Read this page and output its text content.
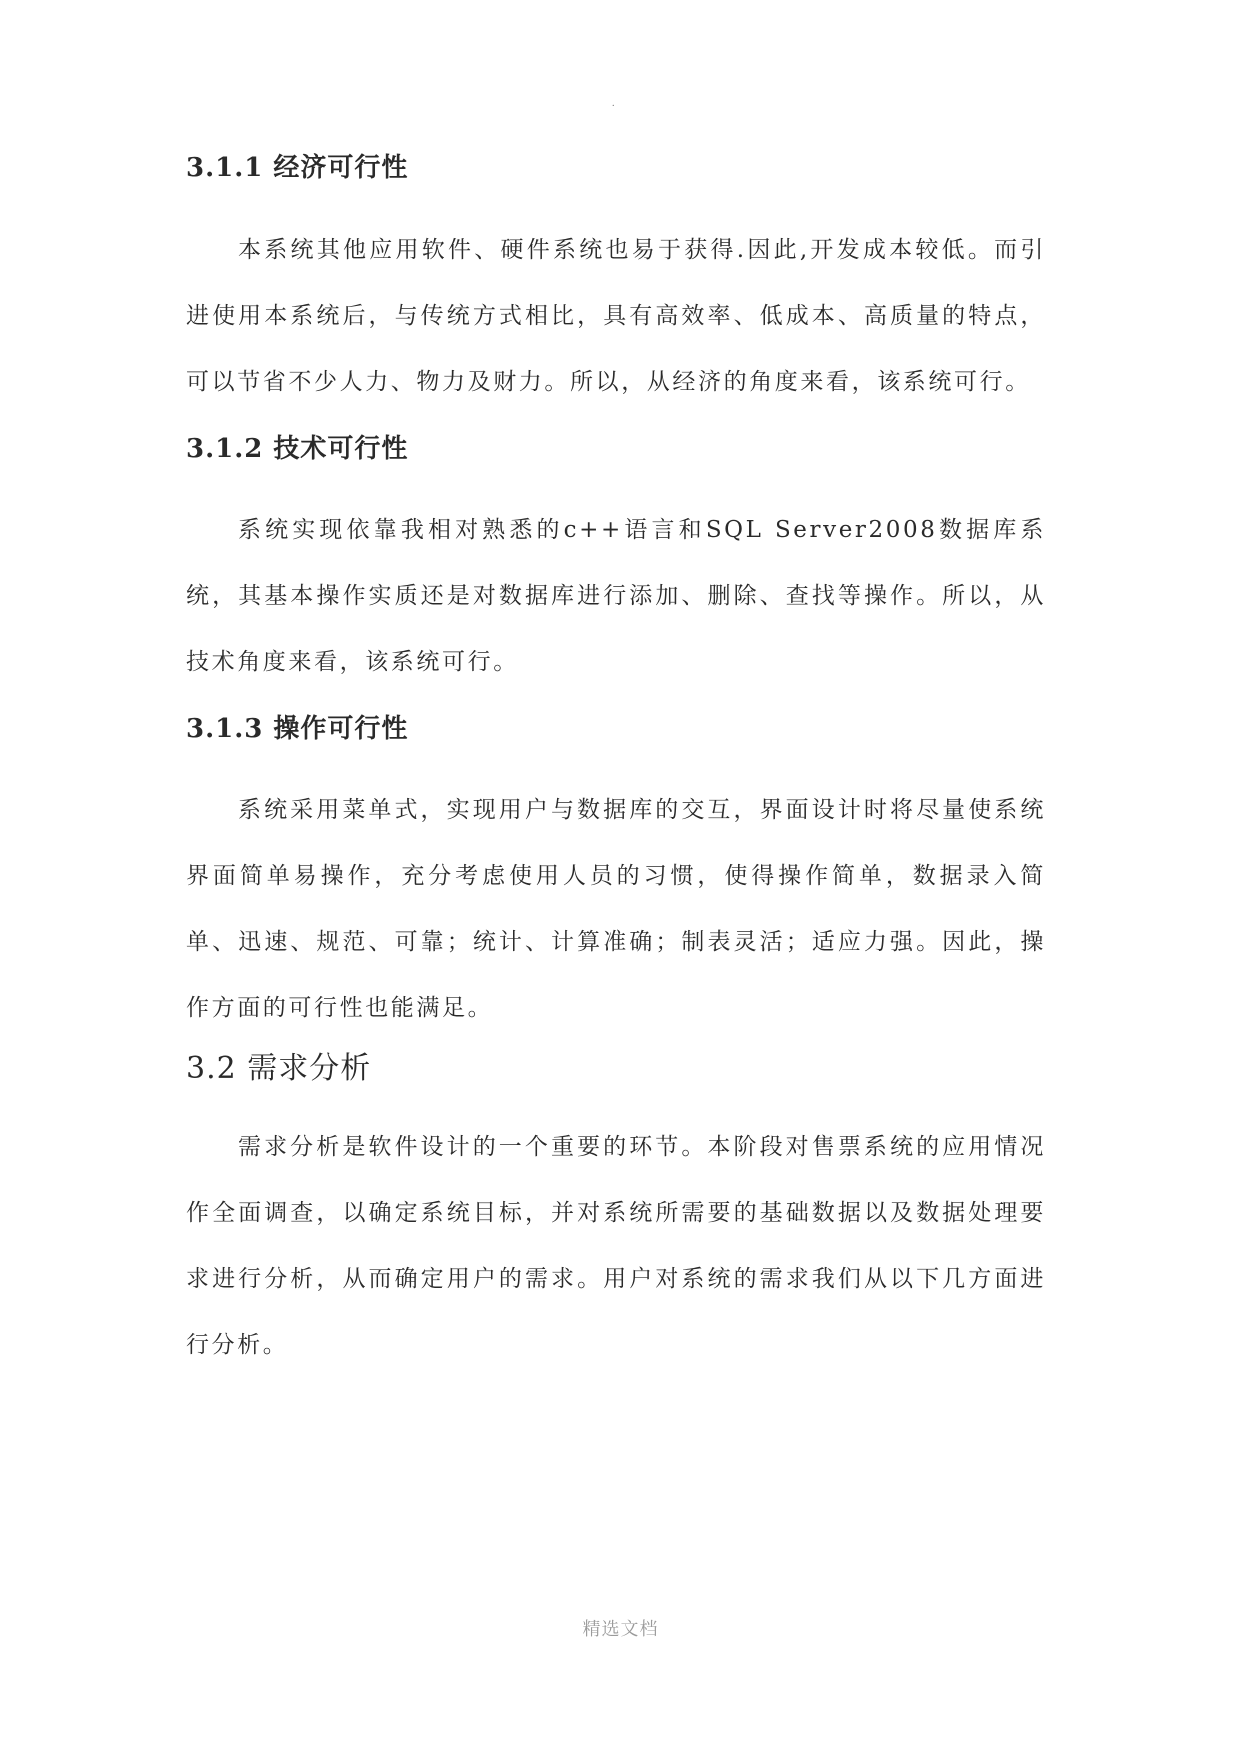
.
3.1.1 经济可行性

本系统其他应用软件、硬件系统也易于获得.因此,开发成本较低。而引进使用本系统后，与传统方式相比，具有高效率、低成本、高质量的特点，可以节省不少人力、物力及财力。所以，从经济的角度来看，该系统可行。

3.1.2 技术可行性

系统实现依靠我相对熟悉的c++语言和SQL Server2008数据库系统，其基本操作实质还是对数据库进行添加、删除、查找等操作。所以，从技术角度来看，该系统可行。

3.1.3 操作可行性

系统采用菜单式，实现用户与数据库的交互，界面设计时将尽量使系统界面简单易操作，充分考虑使用人员的习惯，使得操作简单，数据录入简单、迅速、规范、可靠；统计、计算准确；制表灵活；适应力强。因此，操作方面的可行性也能满足。

3.2 需求分析

需求分析是软件设计的一个重要的环节。本阶段对售票系统的应用情况作全面调查，以确定系统目标，并对系统所需要的基础数据以及数据处理要求进行分析，从而确定用户的需求。用户对系统的需求我们从以下几方面进行分析。

精选文档
